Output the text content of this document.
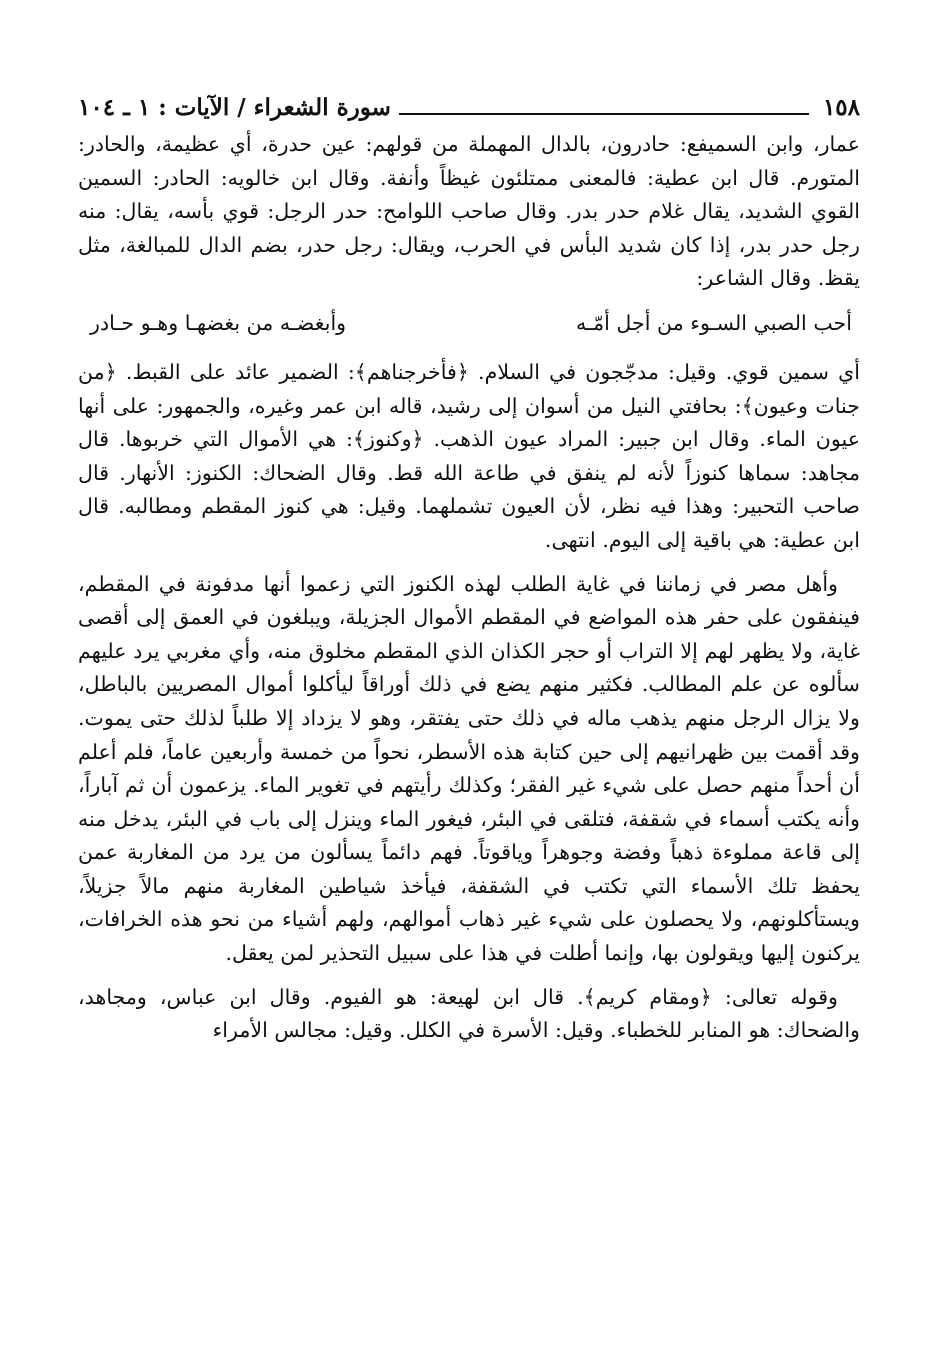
١٥٨
سورة الشعراء / الآيات : ١ ـ ١٠٤

عمار، وابن السميفع: حادرون، بالدال المهملة من قولهم: عين حدرة، أي عظيمة، والحادر: المتورم. قال ابن عطية: فالمعنى ممتلئون غيظاً وأنفة. وقال ابن خالويه: الحادر: السمين القوي الشديد، يقال غلام حدر بدر. وقال صاحب اللوامح: حدر الرجل: قوي بأسه، يقال: منه رجل حدر بدر، إذا كان شديد البأس في الحرب، ويقال: رجل حدر، بضم الدال للمبالغة، مثل يقظ. وقال الشاعر:

أحب الصبي السـوء من أجل أمّـه
وأبغضـه من بغضهـا وهـو حـادر

أي سمين قوي. وقيل: مدجّجون في السلام. ﴿فأخرجناهم﴾: الضمير عائد على القبط. ﴿من جنات وعيون﴾: بحافتي النيل من أسوان إلى رشيد، قاله ابن عمر وغيره، والجمهور: على أنها عيون الماء. وقال ابن جبير: المراد عيون الذهب. ﴿وكنوز﴾: هي الأموال التي خربوها. قال مجاهد: سماها كنوزاً لأنه لم ينفق في طاعة الله قط. وقال الضحاك: الكنوز: الأنهار. قال صاحب التحبير: وهذا فيه نظر، لأن العيون تشملهما. وقيل: هي كنوز المقطم ومطالبه. قال ابن عطية: هي باقية إلى اليوم. انتهى.

وأهل مصر في زماننا في غاية الطلب لهذه الكنوز التي زعموا أنها مدفونة في المقطم، فينفقون على حفر هذه المواضع في المقطم الأموال الجزيلة، ويبلغون في العمق إلى أقصى غاية، ولا يظهر لهم إلا التراب أو حجر الكذان الذي المقطم مخلوق منه، وأي مغربي يرد عليهم سألوه عن علم المطالب. فكثير منهم يضع في ذلك أوراقاً ليأكلوا أموال المصريين بالباطل، ولا يزال الرجل منهم يذهب ماله في ذلك حتى يفتقر، وهو لا يزداد إلا طلباً لذلك حتى يموت. وقد أقمت بين ظهرانيهم إلى حين كتابة هذه الأسطر، نحواً من خمسة وأربعين عاماً، فلم أعلم أن أحداً منهم حصل على شيء غير الفقر؛ وكذلك رأيتهم في تغوير الماء. يزعمون أن ثم آباراً، وأنه يكتب أسماء في شقفة، فتلقى في البئر، فيغور الماء وينزل إلى باب في البئر، يدخل منه إلى قاعة مملوءة ذهباً وفضة وجوهراً وياقوتاً. فهم دائماً يسألون من يرد من المغاربة عمن يحفظ تلك الأسماء التي تكتب في الشقفة، فيأخذ شياطين المغاربة منهم مالاً جزيلاً، ويستأكلونهم، ولا يحصلون على شيء غير ذهاب أموالهم، ولهم أشياء من نحو هذه الخرافات، يركنون إليها ويقولون بها، وإنما أطلت في هذا على سبيل التحذير لمن يعقل.

وقوله تعالى: ﴿ومقام كريم﴾. قال ابن لهيعة: هو الفيوم. وقال ابن عباس، ومجاهد، والضحاك: هو المنابر للخطباء. وقيل: الأسرة في الكلل. وقيل: مجالس الأمراء
